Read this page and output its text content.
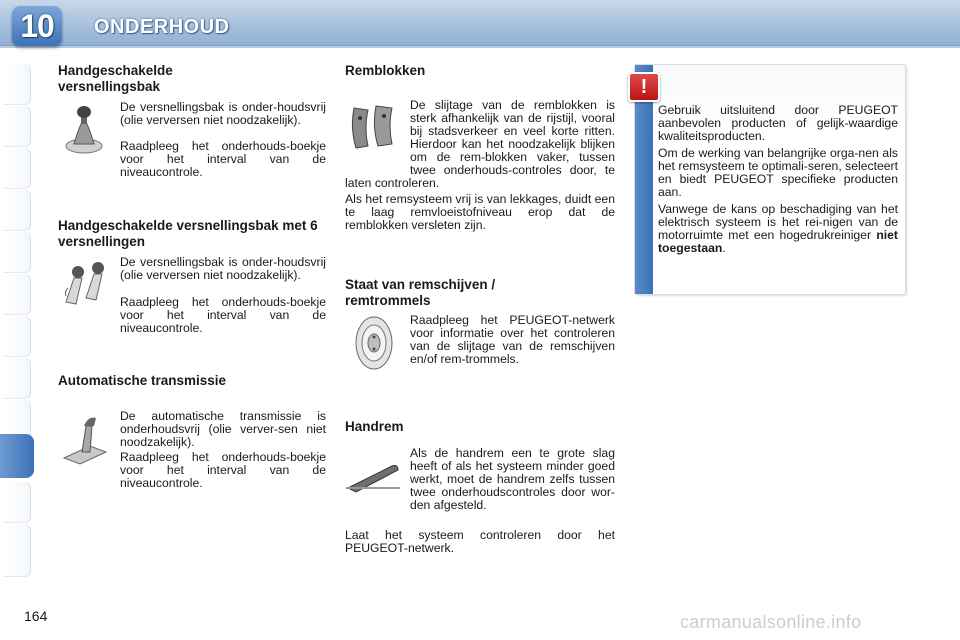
10 ONDERHOUD
Handgeschakelde versnellingsbak

De versnellingsbak is onder-houdsvrij (olie verversen niet noodzakelijk).

Raadpleeg het onderhouds-boekje voor het interval van de niveaucontrole.

Handgeschakelde versnellingsbak met 6 versnellingen

De versnellingsbak is onder-houdsvrij (olie verversen niet noodzakelijk).

Raadpleeg het onderhouds-boekje voor het interval van de niveaucontrole.

Automatische transmissie

De automatische transmissie is onderhoudsvrij (olie verver-sen niet noodzakelijk).

Raadpleeg het onderhouds-boekje voor het interval van de niveaucontrole.

Remblokken

De slijtage van de remblokken is sterk afhankelijk van de rijstijl, vooral bij stadsverkeer en veel korte ritten. Hierdoor kan het noodzakelijk blijken om de rem-blokken vaker, tussen twee onderhouds-controles door, te laten controleren.

Als het remsysteem vrij is van lekkages, duidt een te laag remvloeistofniveau erop dat de remblokken versleten zijn.

Staat van remschijven / remtrommels

Raadpleeg het PEUGEOT-netwerk voor informatie over het controleren van de slijtage van de remschijven en/of rem-trommels.

Handrem

Als de handrem een te grote slag heeft of als het systeem minder goed werkt, moet de handrem zelfs tussen twee onderhoudscontroles door wor-den afgesteld.

Laat het systeem controleren door het PEUGEOT-netwerk.

!

Gebruik uitsluitend door PEUGEOT aanbevolen producten of gelijk-waardige kwaliteitsproducten.

Om de werking van belangrijke orga-nen als het remsysteem te optimali-seren, selecteert en biedt PEUGEOT specifieke producten aan.

Vanwege de kans op beschadiging van het elektrisch systeem is het rei-nigen van de motorruimte met een hogedrukreiniger niet toegestaan.

164	carmanualsonline.info
